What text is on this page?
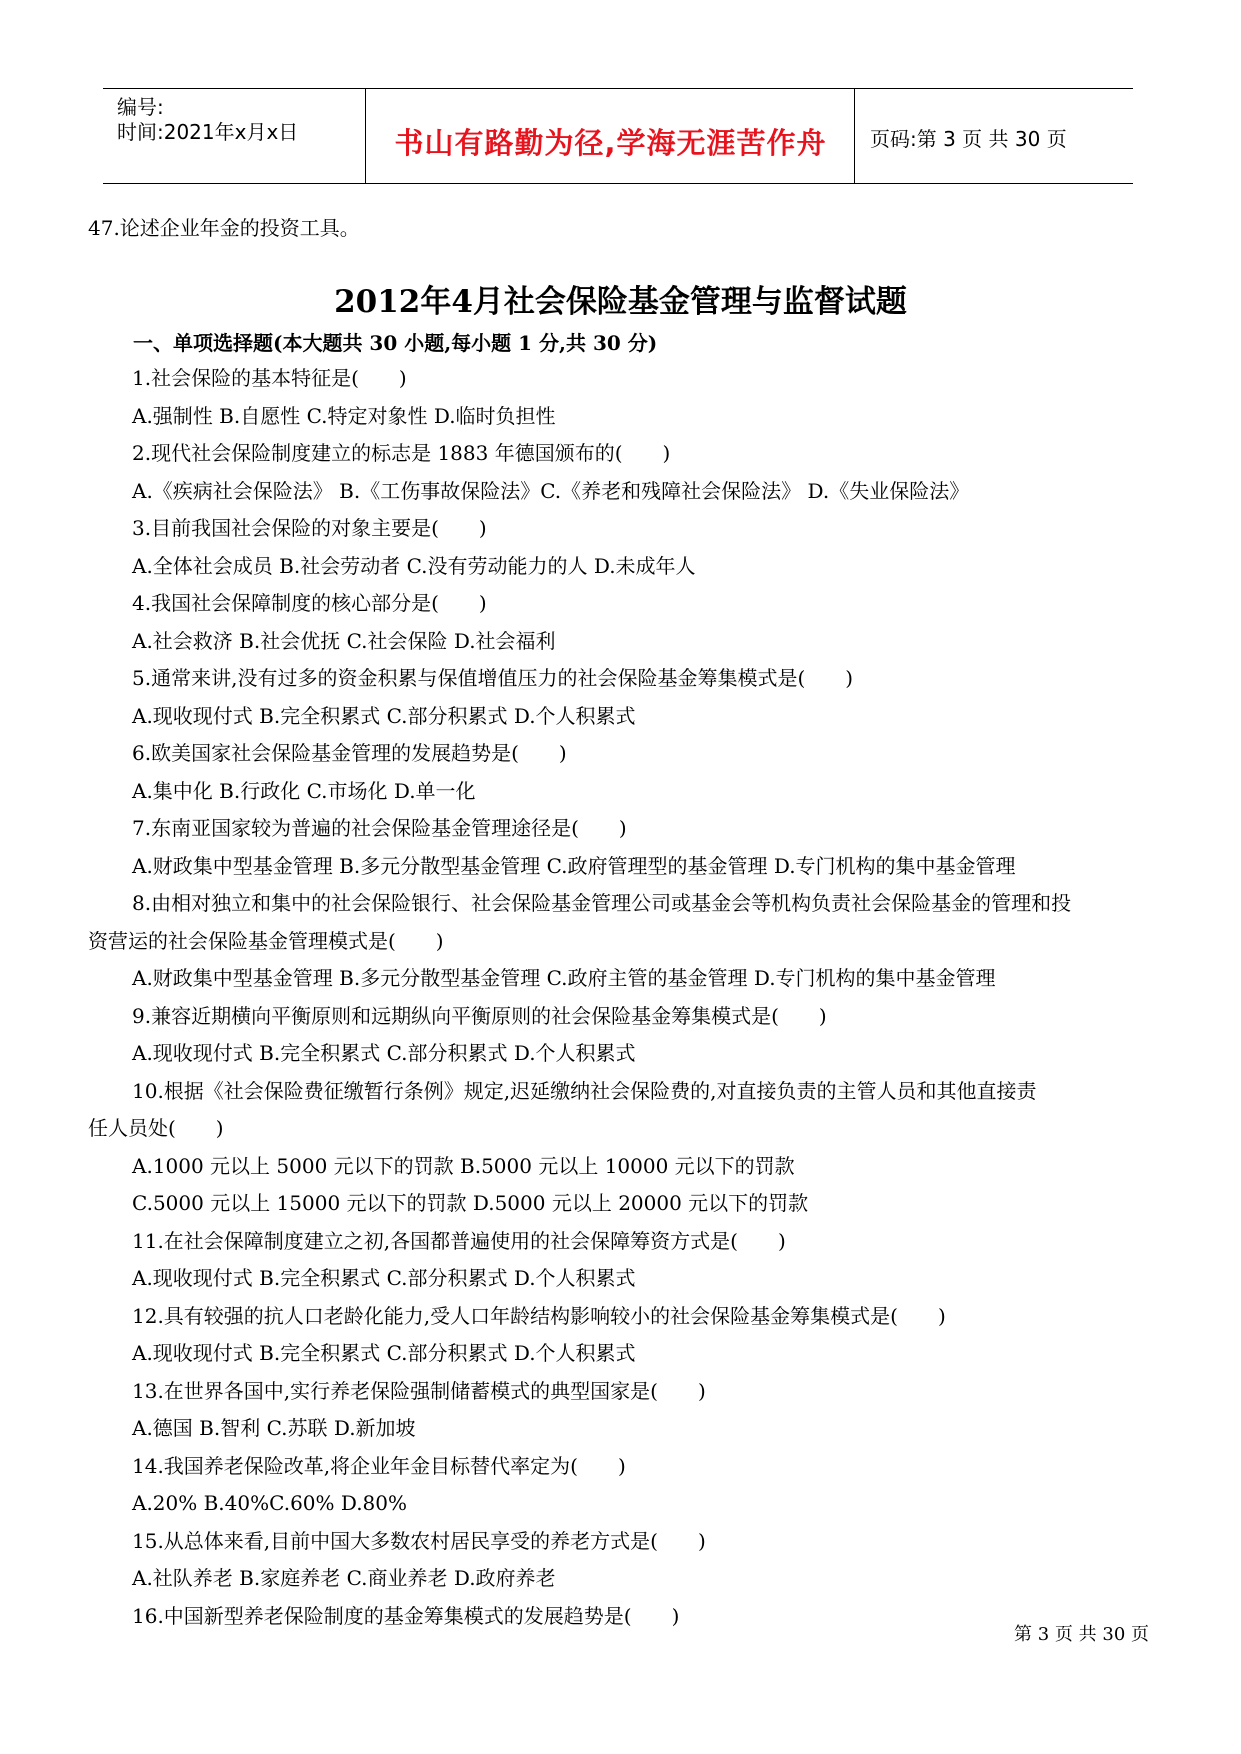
编号:
时间:2021年x月x日	书山有路勤为径,学海无涯苦作舟	页码:第 3 页 共 30 页
47.论述企业年金的投资工具。
2012年4月社会保险基金管理与监督试题
一、单项选择题(本大题共 30 小题,每小题 1 分,共 30 分)
1.社会保险的基本特征是(　　)
A.强制性 B.自愿性 C.特定对象性 D.临时负担性
2.现代社会保险制度建立的标志是 1883 年德国颁布的(　　)
A.《疾病社会保险法》 B.《工伤事故保险法》C.《养老和残障社会保险法》 D.《失业保险法》
3.目前我国社会保险的对象主要是(　　)
A.全体社会成员 B.社会劳动者 C.没有劳动能力的人 D.未成年人
4.我国社会保障制度的核心部分是(　　)
A.社会救济 B.社会优抚 C.社会保险 D.社会福利
5.通常来讲,没有过多的资金积累与保值增值压力的社会保险基金筹集模式是(　　)
A.现收现付式 B.完全积累式 C.部分积累式 D.个人积累式
6.欧美国家社会保险基金管理的发展趋势是(　　)
A.集中化 B.行政化 C.市场化 D.单一化
7.东南亚国家较为普遍的社会保险基金管理途径是(　　)
A.财政集中型基金管理 B.多元分散型基金管理 C.政府管理型的基金管理 D.专门机构的集中基金管理
8.由相对独立和集中的社会保险银行、社会保险基金管理公司或基金会等机构负责社会保险基金的管理和投
资营运的社会保险基金管理模式是(　　)
A.财政集中型基金管理 B.多元分散型基金管理 C.政府主管的基金管理 D.专门机构的集中基金管理
9.兼容近期横向平衡原则和远期纵向平衡原则的社会保险基金筹集模式是(　　)
A.现收现付式 B.完全积累式 C.部分积累式 D.个人积累式
10.根据《社会保险费征缴暂行条例》规定,迟延缴纳社会保险费的,对直接负责的主管人员和其他直接责
任人员处(　　)
A.1000 元以上 5000 元以下的罚款 B.5000 元以上 10000 元以下的罚款
C.5000 元以上 15000 元以下的罚款 D.5000 元以上 20000 元以下的罚款
11.在社会保障制度建立之初,各国都普遍使用的社会保障筹资方式是(　　)
A.现收现付式 B.完全积累式 C.部分积累式 D.个人积累式
12.具有较强的抗人口老龄化能力,受人口年龄结构影响较小的社会保险基金筹集模式是(　　)
A.现收现付式 B.完全积累式 C.部分积累式 D.个人积累式
13.在世界各国中,实行养老保险强制储蓄模式的典型国家是(　　)
A.德国 B.智利 C.苏联 D.新加坡
14.我国养老保险改革,将企业年金目标替代率定为(　　)
A.20% B.40%C.60% D.80%
15.从总体来看,目前中国大多数农村居民享受的养老方式是(　　)
A.社队养老 B.家庭养老 C.商业养老 D.政府养老
16.中国新型养老保险制度的基金筹集模式的发展趋势是(　　)
第 3 页 共 30 页
